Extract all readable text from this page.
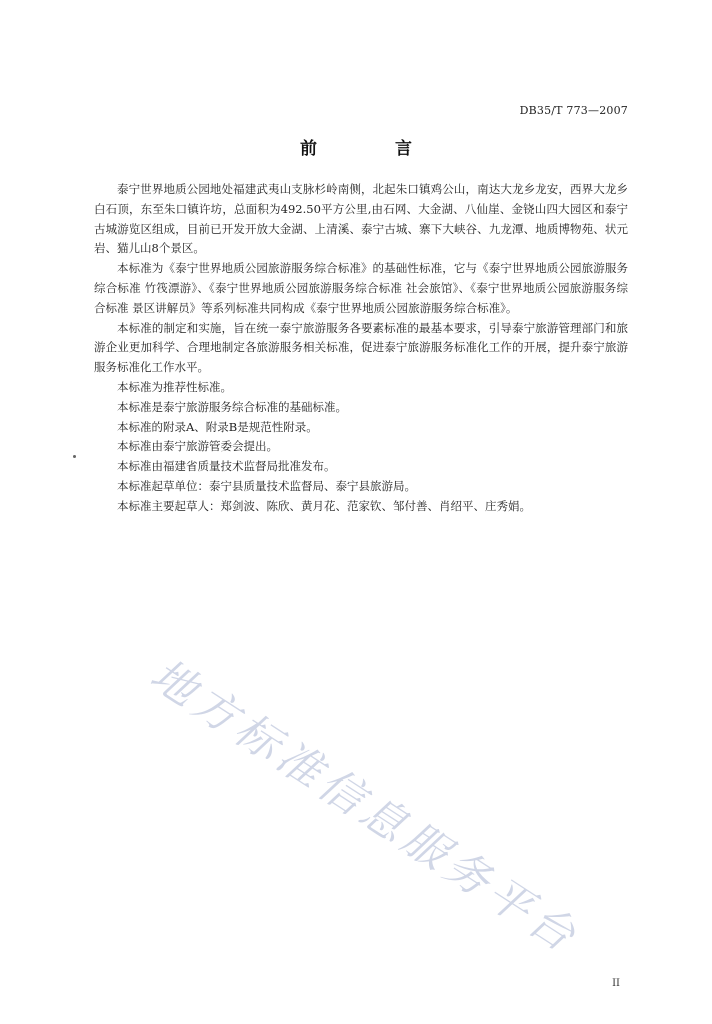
DB35/T 773—2007
前 言

泰宁世界地质公园地处福建武夷山支脉杉岭南侧，北起朱口镇鸡公山，南达大龙乡龙安，西界大龙乡白石顶，东至朱口镇许坊，总面积为492.50平方公里,由石网、大金湖、八仙崖、金铙山四大园区和泰宁古城游览区组成，目前已开发开放大金湖、上清溪、泰宁古城、寨下大峡谷、九龙潭、地质博物苑、状元岩、猫儿山8个景区。

本标准为《泰宁世界地质公园旅游服务综合标准》的基础性标准，它与《泰宁世界地质公园旅游服务综合标准 竹筏漂游》、《泰宁世界地质公园旅游服务综合标准 社会旅馆》、《泰宁世界地质公园旅游服务综合标准 景区讲解员》等系列标准共同构成《泰宁世界地质公园旅游服务综合标准》。

本标准的制定和实施，旨在统一泰宁旅游服务各要素标准的最基本要求，引导泰宁旅游管理部门和旅游企业更加科学、合理地制定各旅游服务相关标准，促进泰宁旅游服务标准化工作的开展，提升泰宁旅游服务标准化工作水平。

本标准为推荐性标准。

本标准是泰宁旅游服务综合标准的基础标准。

本标准的附录A、附录B是规范性附录。

本标准由泰宁旅游管委会提出。

本标准由福建省质量技术监督局批准发布。

本标准起草单位：泰宁县质量技术监督局、泰宁县旅游局。

本标准主要起草人：郑剑波、陈欣、黄月花、范家钦、邹付善、肖绍平、庄秀娟。

地方标准信息服务平台
II
